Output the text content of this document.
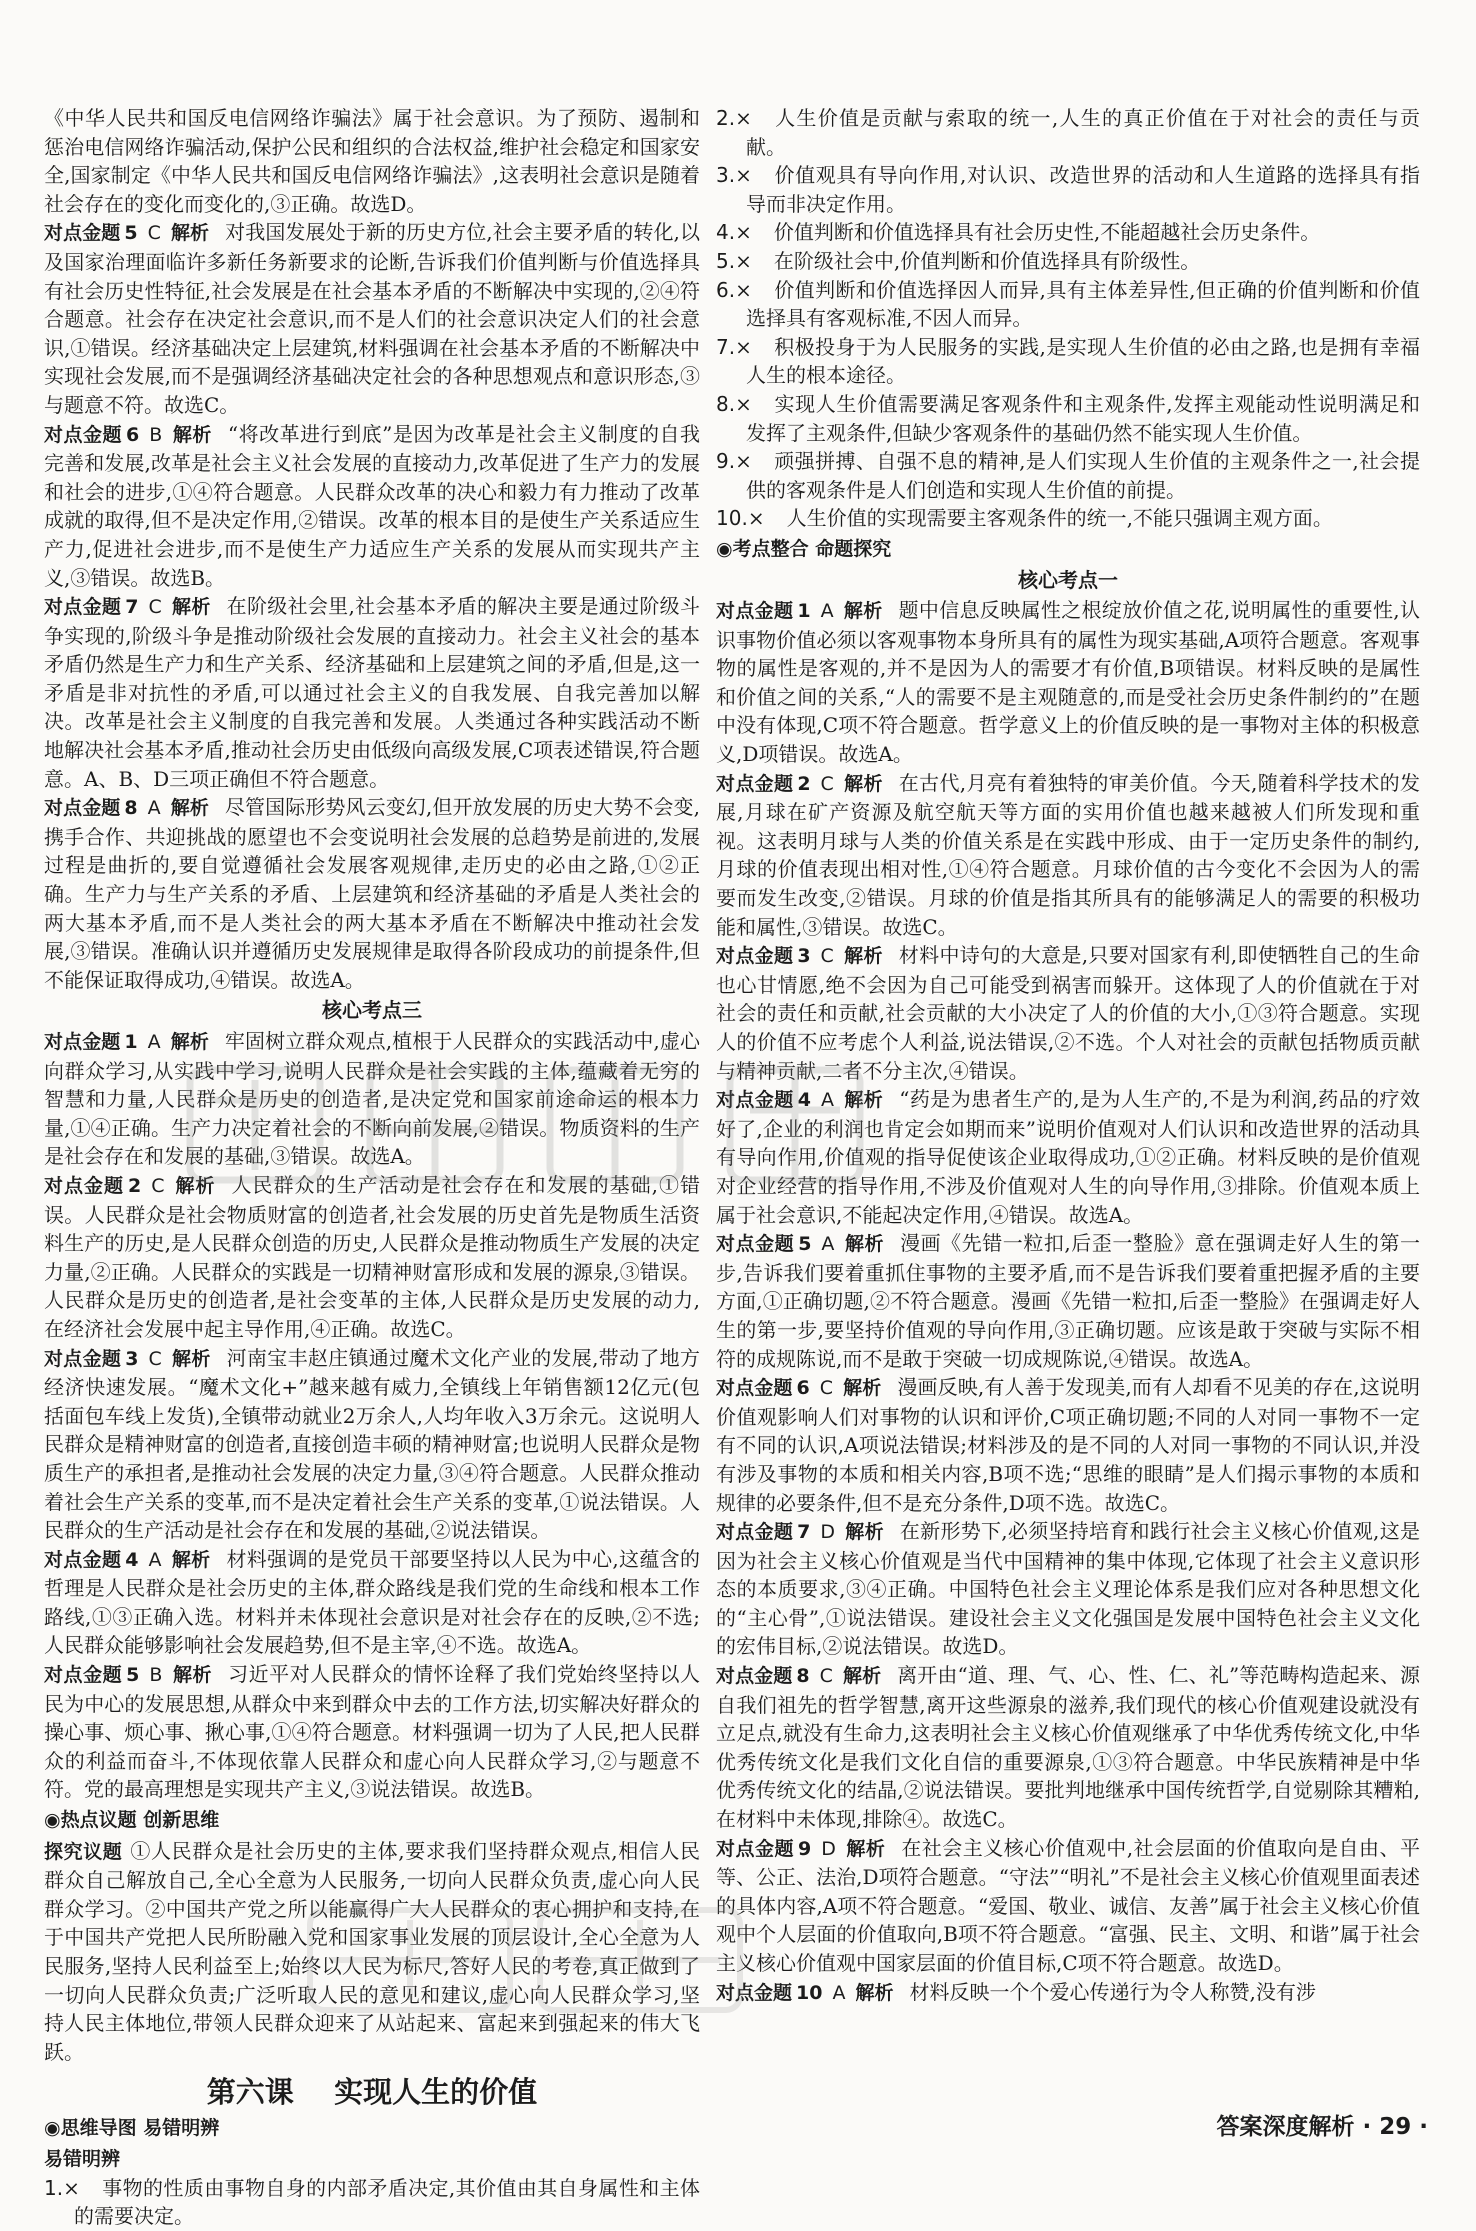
《中华人民共和国反电信网络诈骗法》属于社会意识。为了预防、遏制和惩治电信网络诈骗活动,保护公民和组织的合法权益,维护社会稳定和国家安全,国家制定《中华人民共和国反电信网络诈骗法》,这表明社会意识是随着社会存在的变化而变化的,③正确。故选D。

对点金题 5 C 解析 对我国发展处于新的历史方位,社会主要矛盾的转化,以及国家治理面临许多新任务新要求的论断,告诉我们价值判断与价值选择具有社会历史性特征,社会发展是在社会基本矛盾的不断解决中实现的,②④符合题意。社会存在决定社会意识,而不是人们的社会意识决定人们的社会意识,①错误。经济基础决定上层建筑,材料强调在社会基本矛盾的不断解决中实现社会发展,而不是强调经济基础决定社会的各种思想观点和意识形态,③与题意不符。故选C。

对点金题 6 B 解析 “将改革进行到底”是因为改革是社会主义制度的自我完善和发展,改革是社会主义社会发展的直接动力,改革促进了生产力的发展和社会的进步,①④符合题意。人民群众改革的决心和毅力有力推动了改革成就的取得,但不是决定作用,②错误。改革的根本目的是使生产关系适应生产力,促进社会进步,而不是使生产力适应生产关系的发展从而实现共产主义,③错误。故选B。

对点金题 7 C 解析 在阶级社会里,社会基本矛盾的解决主要是通过阶级斗争实现的,阶级斗争是推动阶级社会发展的直接动力。社会主义社会的基本矛盾仍然是生产力和生产关系、经济基础和上层建筑之间的矛盾,但是,这一矛盾是非对抗性的矛盾,可以通过社会主义的自我发展、自我完善加以解决。改革是社会主义制度的自我完善和发展。人类通过各种实践活动不断地解决社会基本矛盾,推动社会历史由低级向高级发展,C项表述错误,符合题意。A、B、D三项正确但不符合题意。

对点金题 8 A 解析 尽管国际形势风云变幻,但开放发展的历史大势不会变,携手合作、共迎挑战的愿望也不会变说明社会发展的总趋势是前进的,发展过程是曲折的,要自觉遵循社会发展客观规律,走历史的必由之路,①②正确。生产力与生产关系的矛盾、上层建筑和经济基础的矛盾是人类社会的两大基本矛盾,而不是人类社会的两大基本矛盾在不断解决中推动社会发展,③错误。准确认识并遵循历史发展规律是取得各阶段成功的前提条件,但不能保证取得成功,④错误。故选A。

核心考点三

对点金题 1 A 解析 牢固树立群众观点,植根于人民群众的实践活动中,虚心向群众学习,从实践中学习,说明人民群众是社会实践的主体,蕴藏着无穷的智慧和力量,人民群众是历史的创造者,是决定党和国家前途命运的根本力量,①④正确。生产力决定着社会的不断向前发展,②错误。物质资料的生产是社会存在和发展的基础,③错误。故选A。

对点金题 2 C 解析 人民群众的生产活动是社会存在和发展的基础,①错误。人民群众是社会物质财富的创造者,社会发展的历史首先是物质生活资料生产的历史,是人民群众创造的历史,人民群众是推动物质生产发展的决定力量,②正确。人民群众的实践是一切精神财富形成和发展的源泉,③错误。人民群众是历史的创造者,是社会变革的主体,人民群众是历史发展的动力,在经济社会发展中起主导作用,④正确。故选C。

对点金题 3 C 解析 河南宝丰赵庄镇通过魔术文化产业的发展,带动了地方经济快速发展。“魔术文化+”越来越有威力,全镇线上年销售额12亿元(包括面包车线上发货),全镇带动就业2万余人,人均年收入3万余元。这说明人民群众是精神财富的创造者,直接创造丰硕的精神财富;也说明人民群众是物质生产的承担者,是推动社会发展的决定力量,③④符合题意。人民群众推动着社会生产关系的变革,而不是决定着社会生产关系的变革,①说法错误。人民群众的生产活动是社会存在和发展的基础,②说法错误。

对点金题 4 A 解析 材料强调的是党员干部要坚持以人民为中心,这蕴含的哲理是人民群众是社会历史的主体,群众路线是我们党的生命线和根本工作路线,①③正确入选。材料并未体现社会意识是对社会存在的反映,②不选;人民群众能够影响社会发展趋势,但不是主宰,④不选。故选A。

对点金题 5 B 解析 习近平对人民群众的情怀诠释了我们党始终坚持以人民为中心的发展思想,从群众中来到群众中去的工作方法,切实解决好群众的操心事、烦心事、揪心事,①④符合题意。材料强调一切为了人民,把人民群众的利益而奋斗,不体现依靠人民群众和虚心向人民群众学习,②与题意不符。党的最高理想是实现共产主义,③说法错误。故选B。

◉热点议题 创新思维

探究议题 ①人民群众是社会历史的主体,要求我们坚持群众观点,相信人民群众自己解放自己,全心全意为人民服务,一切向人民群众负责,虚心向人民群众学习。②中国共产党之所以能赢得广大人民群众的衷心拥护和支持,在于中国共产党把人民所盼融入党和国家事业发展的顶层设计,全心全意为人民服务,坚持人民利益至上;始终以人民为标尺,答好人民的考卷,真正做到了一切向人民群众负责;广泛听取人民的意见和建议,虚心向人民群众学习,坚持人民主体地位,带领人民群众迎来了从站起来、富起来到强起来的伟大飞跃。

第六课    实现人生的价值
◉思维导图 易错明辨
易错明辨

1.× 事物的性质由事物自身的内部矛盾决定,其价值由其自身属性和主体的需要决定。

2.× 人生价值是贡献与索取的统一,人生的真正价值在于对社会的责任与贡献。

3.× 价值观具有导向作用,对认识、改造世界的活动和人生道路的选择具有指导而非决定作用。

4.× 价值判断和价值选择具有社会历史性,不能超越社会历史条件。

5.× 在阶级社会中,价值判断和价值选择具有阶级性。

6.× 价值判断和价值选择因人而异,具有主体差异性,但正确的价值判断和价值选择具有客观标准,不因人而异。

7.× 积极投身于为人民服务的实践,是实现人生价值的必由之路,也是拥有幸福人生的根本途径。

8.× 实现人生价值需要满足客观条件和主观条件,发挥主观能动性说明满足和发挥了主观条件,但缺少客观条件的基础仍然不能实现人生价值。

9.× 顽强拼搏、自强不息的精神,是人们实现人生价值的主观条件之一,社会提供的客观条件是人们创造和实现人生价值的前提。

10.× 人生价值的实现需要主客观条件的统一,不能只强调主观方面。

◉考点整合 命题探究
核心考点一

对点金题 1 A 解析 题中信息反映属性之根绽放价值之花,说明属性的重要性,认识事物价值必须以客观事物本身所具有的属性为现实基础,A项符合题意。客观事物的属性是客观的,并不是因为人的需要才有价值,B项错误。材料反映的是属性和价值之间的关系,“人的需要不是主观随意的,而是受社会历史条件制约的”在题中没有体现,C项不符合题意。哲学意义上的价值反映的是一事物对主体的积极意义,D项错误。故选A。

对点金题 2 C 解析 在古代,月亮有着独特的审美价值。今天,随着科学技术的发展,月球在矿产资源及航空航天等方面的实用价值也越来越被人们所发现和重视。这表明月球与人类的价值关系是在实践中形成、由于一定历史条件的制约,月球的价值表现出相对性,①④符合题意。月球价值的古今变化不会因为人的需要而发生改变,②错误。月球的价值是指其所具有的能够满足人的需要的积极功能和属性,③错误。故选C。

对点金题 3 C 解析 材料中诗句的大意是,只要对国家有利,即使牺牲自己的生命也心甘情愿,绝不会因为自己可能受到祸害而躲开。这体现了人的价值就在于对社会的责任和贡献,社会贡献的大小决定了人的价值的大小,①③符合题意。实现人的价值不应考虑个人利益,说法错误,②不选。个人对社会的贡献包括物质贡献与精神贡献,二者不分主次,④错误。

对点金题 4 A 解析 “药是为患者生产的,是为人生产的,不是为利润,药品的疗效好了,企业的利润也肯定会如期而来”说明价值观对人们认识和改造世界的活动具有导向作用,价值观的指导促使该企业取得成功,①②正确。材料反映的是价值观对企业经营的指导作用,不涉及价值观对人生的向导作用,③排除。价值观本质上属于社会意识,不能起决定作用,④错误。故选A。

对点金题 5 A 解析 漫画《先错一粒扣,后歪一整脸》意在强调走好人生的第一步,告诉我们要着重抓住事物的主要矛盾,而不是告诉我们要着重把握矛盾的主要方面,①正确切题,②不符合题意。漫画《先错一粒扣,后歪一整脸》在强调走好人生的第一步,要坚持价值观的导向作用,③正确切题。应该是敢于突破与实际不相符的成规陈说,而不是敢于突破一切成规陈说,④错误。故选A。

对点金题 6 C 解析 漫画反映,有人善于发现美,而有人却看不见美的存在,这说明价值观影响人们对事物的认识和评价,C项正确切题;不同的人对同一事物不一定有不同的认识,A项说法错误;材料涉及的是不同的人对同一事物的不同认识,并没有涉及事物的本质和相关内容,B项不选;“思维的眼睛”是人们揭示事物的本质和规律的必要条件,但不是充分条件,D项不选。故选C。

对点金题 7 D 解析 在新形势下,必须坚持培育和践行社会主义核心价值观,这是因为社会主义核心价值观是当代中国精神的集中体现,它体现了社会主义意识形态的本质要求,③④正确。中国特色社会主义理论体系是我们应对各种思想文化的“主心骨”,①说法错误。建设社会主义文化强国是发展中国特色社会主义文化的宏伟目标,②说法错误。故选D。

对点金题 8 C 解析 离开由“道、理、气、心、性、仁、礼”等范畴构造起来、源自我们祖先的哲学智慧,离开这些源泉的滋养,我们现代的核心价值观建设就没有立足点,就没有生命力,这表明社会主义核心价值观继承了中华优秀传统文化,中华优秀传统文化是我们文化自信的重要源泉,①③符合题意。中华民族精神是中华优秀传统文化的结晶,②说法错误。要批判地继承中国传统哲学,自觉剔除其糟粕,在材料中未体现,排除④。故选C。

对点金题 9 D 解析 在社会主义核心价值观中,社会层面的价值取向是自由、平等、公正、法治,D项符合题意。“守法”“明礼”不是社会主义核心价值观里面表述的具体内容,A项不符合题意。“爱国、敬业、诚信、友善”属于社会主义核心价值观中个人层面的价值取向,B项不符合题意。“富强、民主、文明、和谐”属于社会主义核心价值观中国家层面的价值目标,C项不符合题意。故选D。

对点金题 10 A 解析 材料反映一个个爱心传递行为令人称赞,没有涉

答案深度解析 · 29 ·
